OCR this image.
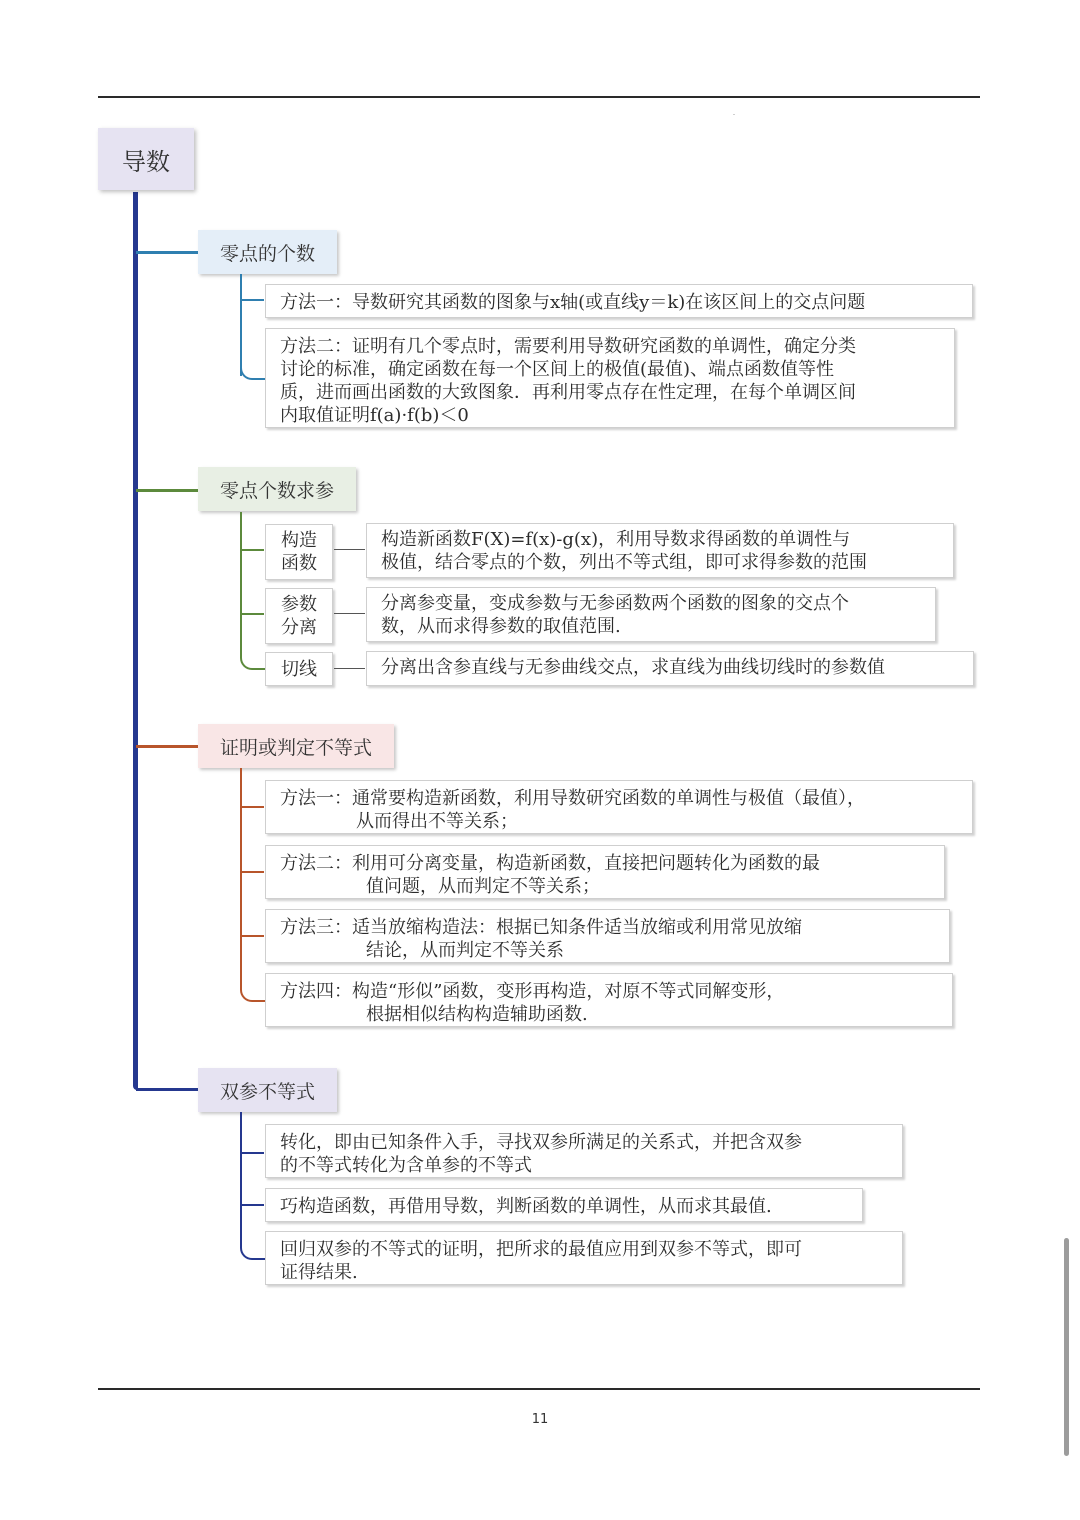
导数
零点的个数
方法一：导数研究其函数的图象与x轴(或直线y＝k)在该区间上的交点问题
方法二：证明有几个零点时，需要利用导数研究函数的单调性，确定分类
讨论的标准，确定函数在每一个区间上的极值(最值)、端点函数值等性
质，进而画出函数的大致图象．再利用零点存在性定理，在每个单调区间
内取值证明f(a)·f(b)＜0
零点个数求参
构造
函数
构造新函数F(X)=f(x)-g(x)，利用导数求得函数的单调性与
极值，结合零点的个数，列出不等式组，即可求得参数的范围
参数
分离
分离参变量，变成参数与无参函数两个函数的图象的交点个
数，从而求得参数的取值范围.
切线	分离出含参直线与无参曲线交点，求直线为曲线切线时的参数值
证明或判定不等式
方法一：通常要构造新函数，利用导数研究函数的单调性与极值（最值），
从而得出不等关系；
方法二：利用可分离变量，构造新函数，直接把问题转化为函数的最
值问题，从而判定不等关系；
方法三：适当放缩构造法：根据已知条件适当放缩或利用常见放缩
结论，从而判定不等关系
方法四：构造“形似”函数，变形再构造，对原不等式同解变形，
根据相似结构构造辅助函数.
双参不等式
转化，即由已知条件入手，寻找双参所满足的关系式，并把含双参
的不等式转化为含单参的不等式
巧构造函数，再借用导数，判断函数的单调性，从而求其最值.
回归双参的不等式的证明，把所求的最值应用到双参不等式，即可
证得结果.
11
